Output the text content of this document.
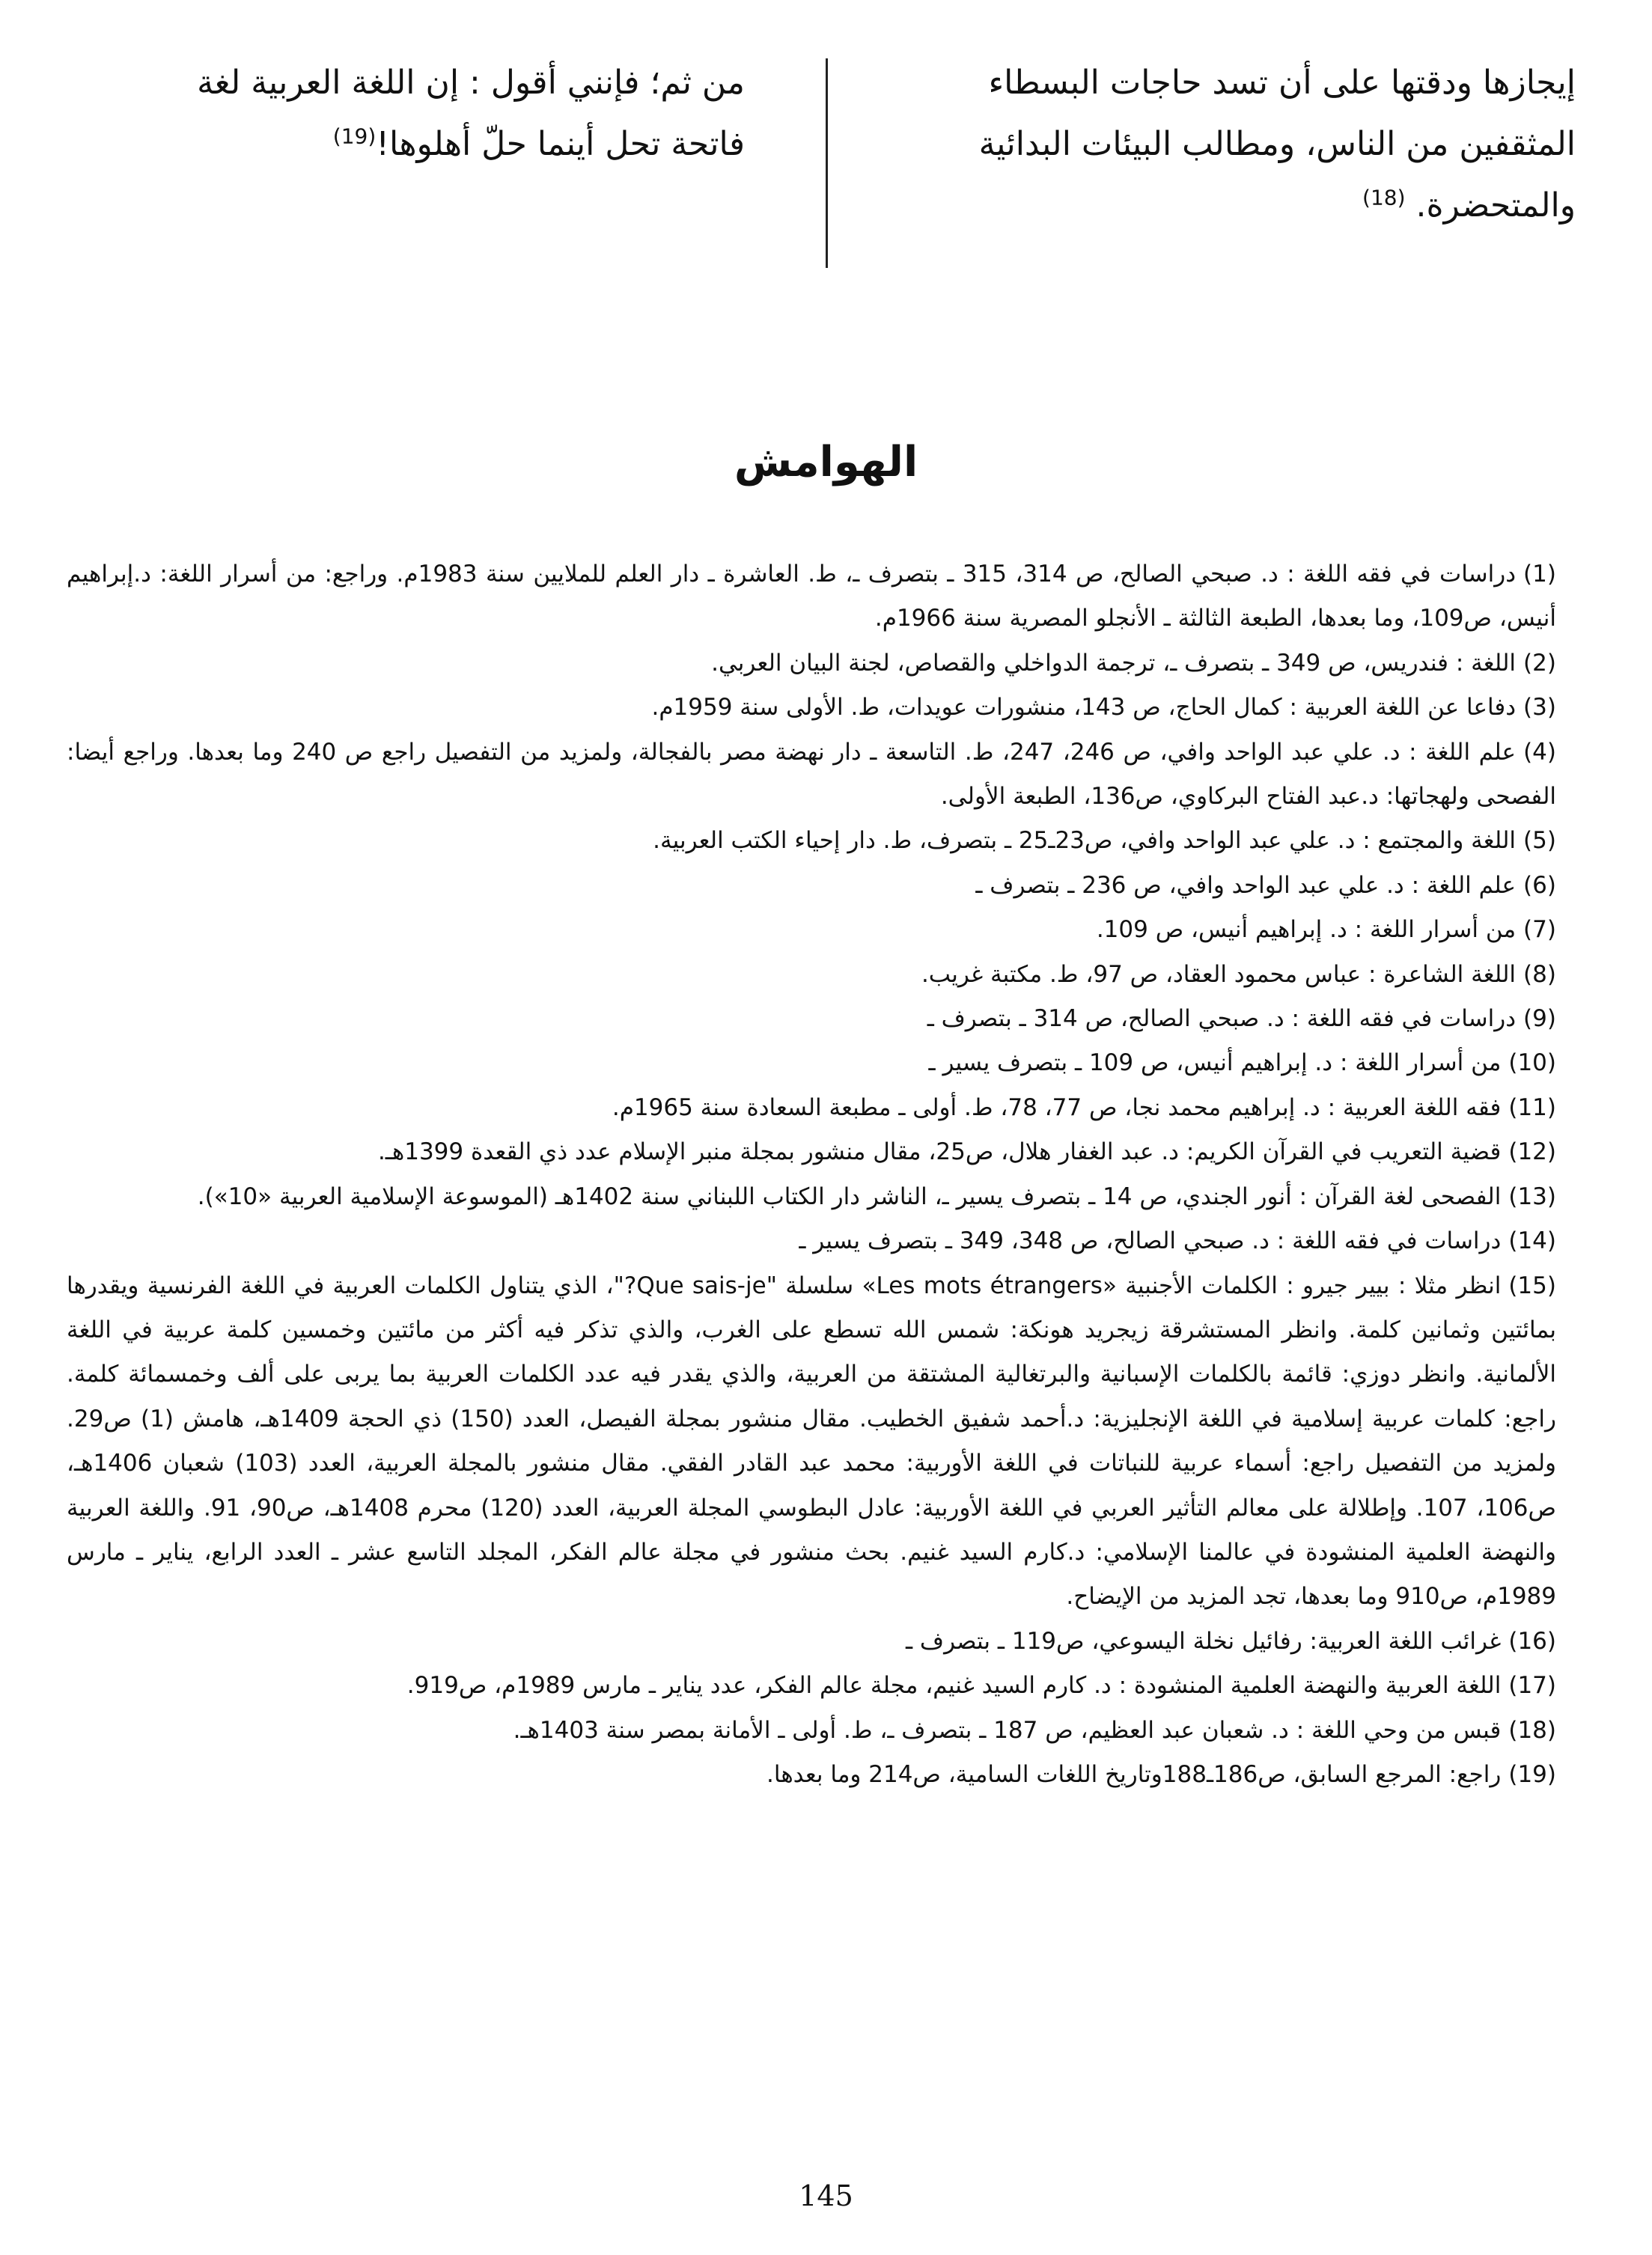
إيجازها ودقتها على أن تسد حاجات البسطاء
المثقفين من الناس، ومطالب البيئات البدائية
والمتحضرة. $^{(18)}$
من ثم؛ فإنني أقول : إن اللغة العربية لغة
فاتحة تحل أينما حلّ أهلوها!$^{(19)}$
الهوامش
(1)دراسات في فقه اللغة : د. صبحي الصالح، ص 314، 315 ـ بتصرف ـ، ط. العاشرة ـ دار العلم للملايين سنة 1983م. وراجع: من أسرار اللغة: د.إبراهيم أنيس، ص109، وما بعدها، الطبعة الثالثة ـ الأنجلو المصرية سنة 1966م.
(2)اللغة : فندريس، ص 349 ـ بتصرف ـ، ترجمة الدواخلي والقصاص، لجنة البيان العربي.
(3)دفاعا عن اللغة العربية : كمال الحاج، ص 143، منشورات عويدات، ط. الأولى سنة 1959م.
(4)علم اللغة : د. علي عبد الواحد وافي، ص 246، 247، ط. التاسعة ـ دار نهضة مصر بالفجالة، ولمزيد من التفصيل راجع ص 240 وما بعدها. وراجع أيضا: الفصحى ولهجاتها: د.عبد الفتاح البركاوي، ص136، الطبعة الأولى.
(5)اللغة والمجتمع : د. علي عبد الواحد وافي، ص23ـ25 ـ بتصرف، ط. دار إحياء الكتب العربية.
(6)علم اللغة : د. علي عبد الواحد وافي، ص 236 ـ بتصرف ـ
(7)من أسرار اللغة : د. إبراهيم أنيس، ص 109.
(8)اللغة الشاعرة : عباس محمود العقاد، ص 97، ط. مكتبة غريب.
(9)دراسات في فقه اللغة : د. صبحي الصالح، ص 314 ـ بتصرف ـ
(10)من أسرار اللغة : د. إبراهيم أنيس، ص 109 ـ بتصرف يسير ـ
(11)فقه اللغة العربية : د. إبراهيم محمد نجا، ص 77، 78، ط. أولى ـ مطبعة السعادة سنة 1965م.
(12)قضية التعريب في القرآن الكريم: د. عبد الغفار هلال، ص25، مقال منشور بمجلة منبر الإسلام عدد ذي القعدة 1399هـ.
(13)الفصحى لغة القرآن : أنور الجندي، ص 14 ـ بتصرف يسير ـ، الناشر دار الكتاب اللبناني سنة 1402هـ (الموسوعة الإسلامية العربية «10»).
(14)دراسات في فقه اللغة : د. صبحي الصالح، ص 348، 349 ـ بتصرف يسير ـ
(15)انظر مثلا : بيير جيرو : الكلمات الأجنبية «Les mots étrangers» سلسلة "Que sais-je?"، الذي يتناول الكلمات العربية في اللغة الفرنسية ويقدرها بمائتين وثمانين كلمة. وانظر المستشرقة زيجريد هونكة: شمس الله تسطع على الغرب، والذي تذكر فيه أكثر من مائتين وخمسين كلمة عربية في اللغة الألمانية. وانظر دوزي: قائمة بالكلمات الإسبانية والبرتغالية المشتقة من العربية، والذي يقدر فيه عدد الكلمات العربية بما يربى على ألف وخمسمائة كلمة. راجع: كلمات عربية إسلامية في اللغة الإنجليزية: د.أحمد شفيق الخطيب. مقال منشور بمجلة الفيصل، العدد (150) ذي الحجة 1409هـ، هامش (1) ص29. ولمزيد من التفصيل راجع: أسماء عربية للنباتات في اللغة الأوربية: محمد عبد القادر الفقي. مقال منشور بالمجلة العربية، العدد (103) شعبان 1406هـ، ص106، 107. وإطلالة على معالم التأثير العربي في اللغة الأوربية: عادل البطوسي المجلة العربية، العدد (120) محرم 1408هـ، ص90، 91. واللغة العربية والنهضة العلمية المنشودة في عالمنا الإسلامي: د.كارم السيد غنيم. بحث منشور في مجلة عالم الفكر، المجلد التاسع عشر ـ العدد الرابع، يناير ـ مارس 1989م، ص910 وما بعدها، تجد المزيد من الإيضاح.
(16)غرائب اللغة العربية: رفائيل نخلة اليسوعي، ص119 ـ بتصرف ـ
(17)اللغة العربية والنهضة العلمية المنشودة : د. كارم السيد غنيم، مجلة عالم الفكر، عدد يناير ـ مارس 1989م، ص919.
(18)قبس من وحي اللغة : د. شعبان عبد العظيم، ص 187 ـ بتصرف ـ، ط. أولى ـ الأمانة بمصر سنة 1403هـ.
(19)راجع: المرجع السابق، ص186ـ188وتاريخ اللغات السامية، ص214 وما بعدها.
145
